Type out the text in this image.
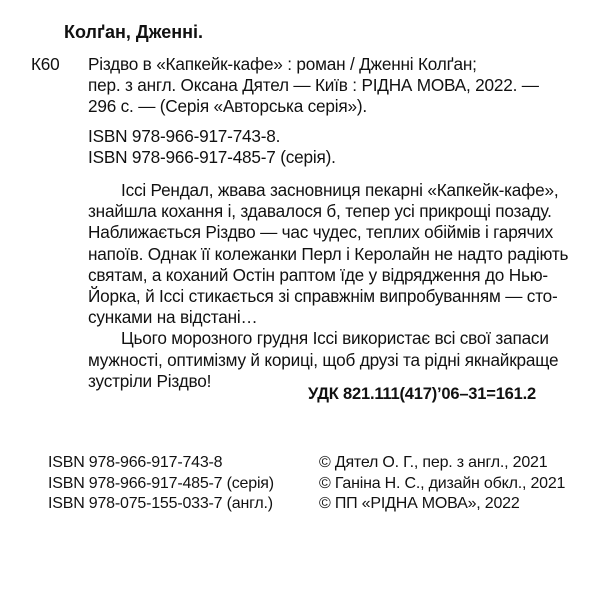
Колґан, Дженні.
К60 Різдво в «Капкейк-кафе» : роман / Дженні Колґан;
пер. з англ. Оксана Дятел — Київ : РІДНА МОВА, 2022. —
296 с. — (Серія «Авторська серія»).
ISBN 978-966-917-743-8.
ISBN 978-966-917-485-7 (серія).
Іссі Рендал, жвава засновниця пекарні «Капкейк-кафе»,
знайшла кохання і, здавалося б, тепер усі прикрощі позаду.
Наближається Різдво — час чудес, теплих обіймів і гарячих
напоїв. Однак її колежанки Перл і Керолайн не надто радіють
святам, а коханий Остін раптом їде у відрядження до Нью-
Йорка, й Іссі стикається зі справжнім випробуванням — сто-
сунками на відстані…
Цього морозного грудня Іссі використає всі свої запаси
мужності, оптимізму й кориці, щоб друзі та рідні якнайкраще
зустріли Різдво!
УДК 821.111(417)’06–31=161.2
ISBN 978-966-917-743-8
ISBN 978-966-917-485-7 (серія)
ISBN 978-075-155-033-7 (англ.)
© Дятел О. Г., пер. з англ., 2021
© Ганіна Н. С., дизайн обкл., 2021
© ПП «РІДНА МОВА», 2022
